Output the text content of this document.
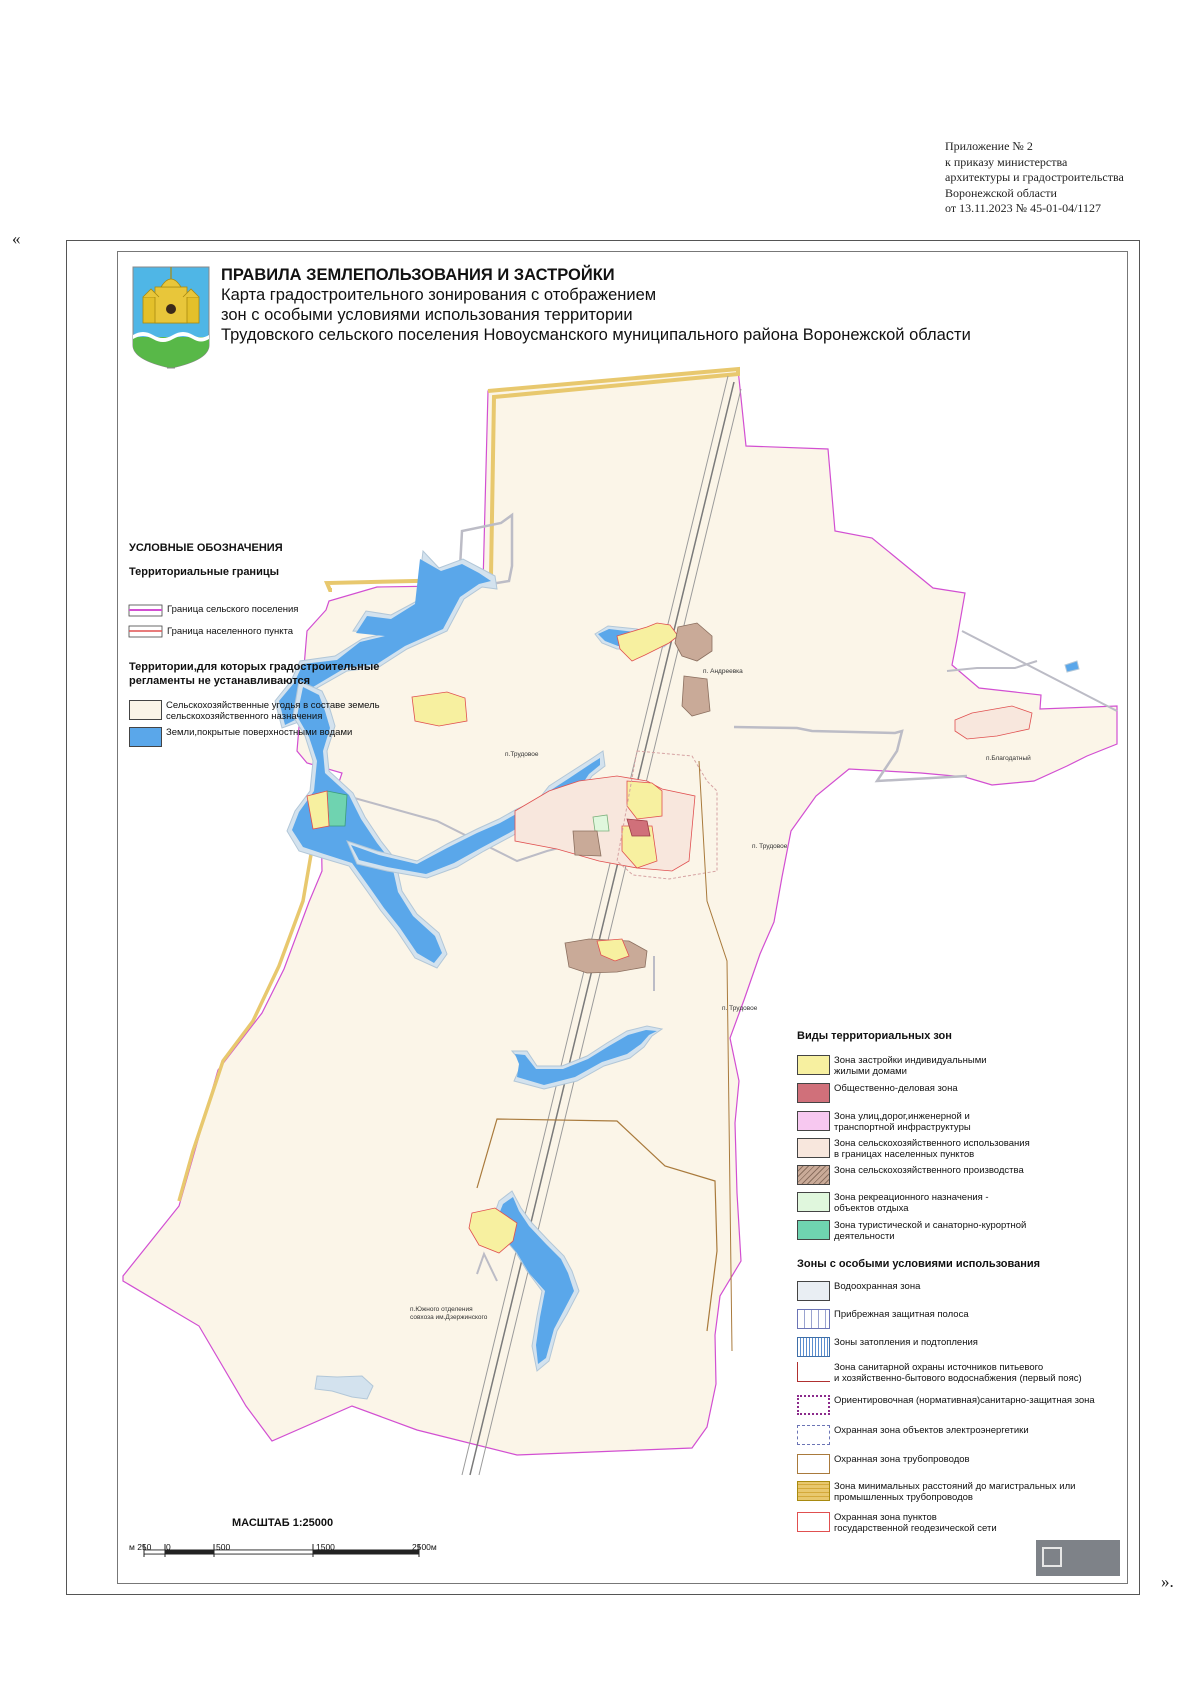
Приложение № 2
к приказу министерства
архитектуры и градостроительства
Воронежской области
от 13.11.2023 № 45-01-04/1127
«
».
ПРАВИЛА ЗЕМЛЕПОЛЬЗОВАНИЯ И ЗАСТРОЙКИ
Карта градостроительного зонирования с отображением
зон с особыми условиями использования территории
Трудовского сельского поселения Новоусманского муниципального района Воронежской области
п. Андреевка
п.Благодатный
п.Трудовое
п. Трудовое
п. Трудовое
п.Южного отделения
совхоза им.Дзержинского
УСЛОВНЫЕ ОБОЗНАЧЕНИЯ
Территориальные границы
Граница сельского поселения
Граница населенного пункта
Территории,для которых градостроительные
регламенты не устанавливаются
Сельскохозяйственные угодья в составе земель
сельскохозяйственного назначения
Земли,покрытые поверхностными водами
Виды территориальных зон
Зона застройки индивидуальными
жилыми домами
Общественно-деловая зона
Зона улиц,дорог,инженерной и
транспортной инфраструктуры
Зона сельскохозяйственного использования
в границах населенных пунктов
Зона сельскохозяйственного производства
Зона рекреационного назначения -
объектов отдыха
Зона туристической и санаторно-курортной
деятельности
Зоны с особыми условиями использования
Водоохранная зона
Прибрежная защитная полоса
Зоны затопления и подтопления
Зона санитарной охраны источников питьевого
и хозяйственно-бытового водоснабжения (первый пояс)
Ориентировочная (нормативная)санитарно-защитная зона
Охранная зона объектов электроэнергетики
Охранная зона трубопроводов
Зона минимальных расстояний до магистральных или
промышленных трубопроводов
Охранная зона пунктов
государственной геодезической сети
МАСШТАБ 1:25000
м 250 0	500	1500	2500м
